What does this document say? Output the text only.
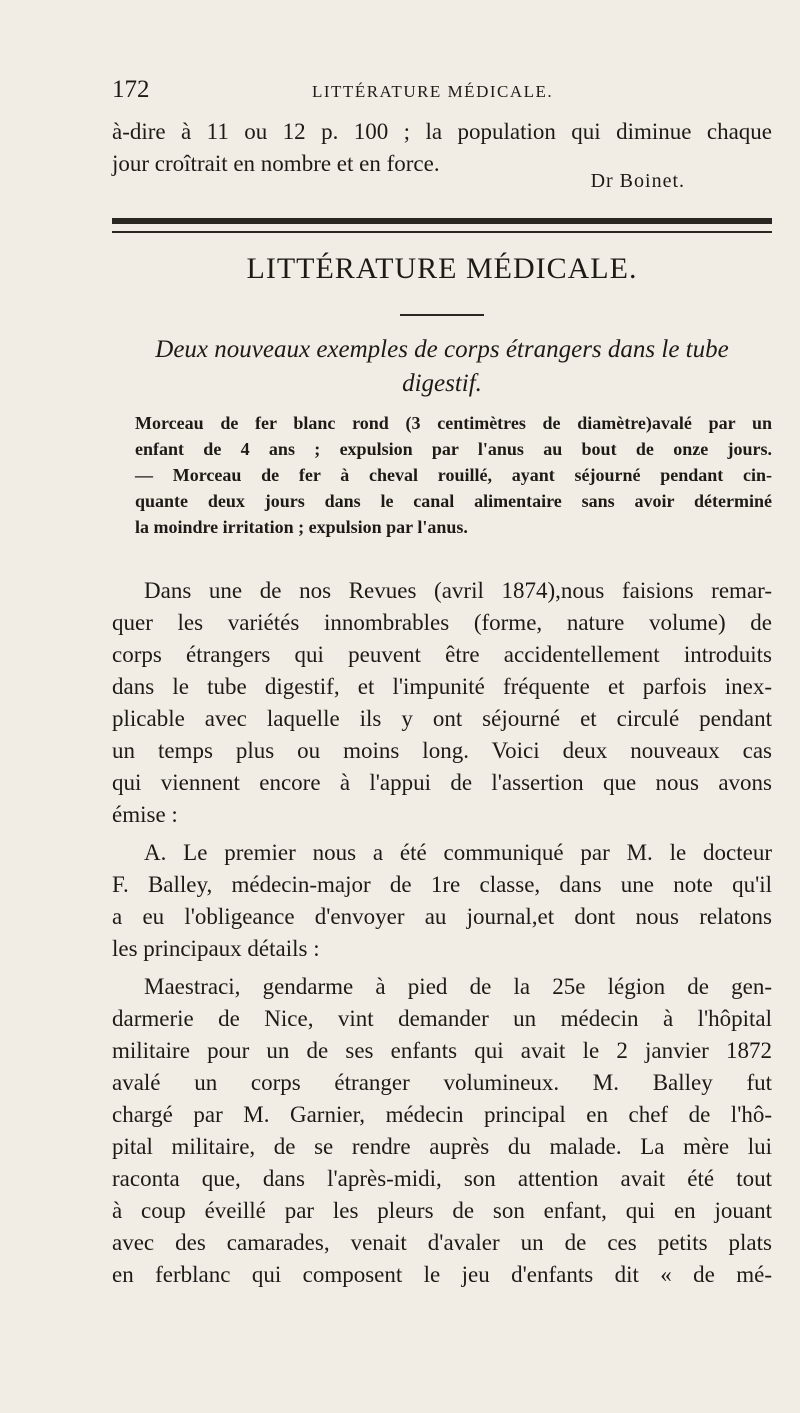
172	LITTÉRATURE MÉDICALE.
à-dire à 11 ou 12 p. 100 ; la population qui diminue chaque
jour croîtrait en nombre et en force.
Dr Boinet.
LITTÉRATURE MÉDICALE.
Deux nouveaux exemples de corps étrangers dans le tube
digestif.
Morceau de fer blanc rond (3 centimètres de diamètre)avalé par un
enfant de 4 ans ; expulsion par l'anus au bout de onze jours.
— Morceau de fer à cheval rouillé, ayant séjourné pendant cin-
quante deux jours dans le canal alimentaire sans avoir déterminé
la moindre irritation ; expulsion par l'anus.
Dans une de nos Revues (avril 1874),nous faisions remar-
quer les variétés innombrables (forme, nature volume) de
corps étrangers qui peuvent être accidentellement introduits
dans le tube digestif, et l'impunité fréquente et parfois inex-
plicable avec laquelle ils y ont séjourné et circulé pendant
un temps plus ou moins long. Voici deux nouveaux cas
qui viennent encore à l'appui de l'assertion que nous avons
émise :
A. Le premier nous a été communiqué par M. le docteur
F. Balley, médecin-major de 1re classe, dans une note qu'il
a eu l'obligeance d'envoyer au journal,et dont nous relatons
les principaux détails :
Maestraci, gendarme à pied de la 25e légion de gen-
darmerie de Nice, vint demander un médecin à l'hôpital
militaire pour un de ses enfants qui avait le 2 janvier 1872
avalé un corps étranger volumineux. M. Balley fut
chargé par M. Garnier, médecin principal en chef de l'hô-
pital militaire, de se rendre auprès du malade. La mère lui
raconta que, dans l'après-midi, son attention avait été tout
à coup éveillé par les pleurs de son enfant, qui en jouant
avec des camarades, venait d'avaler un de ces petits plats
en ferblanc qui composent le jeu d'enfants dit « de mé-
